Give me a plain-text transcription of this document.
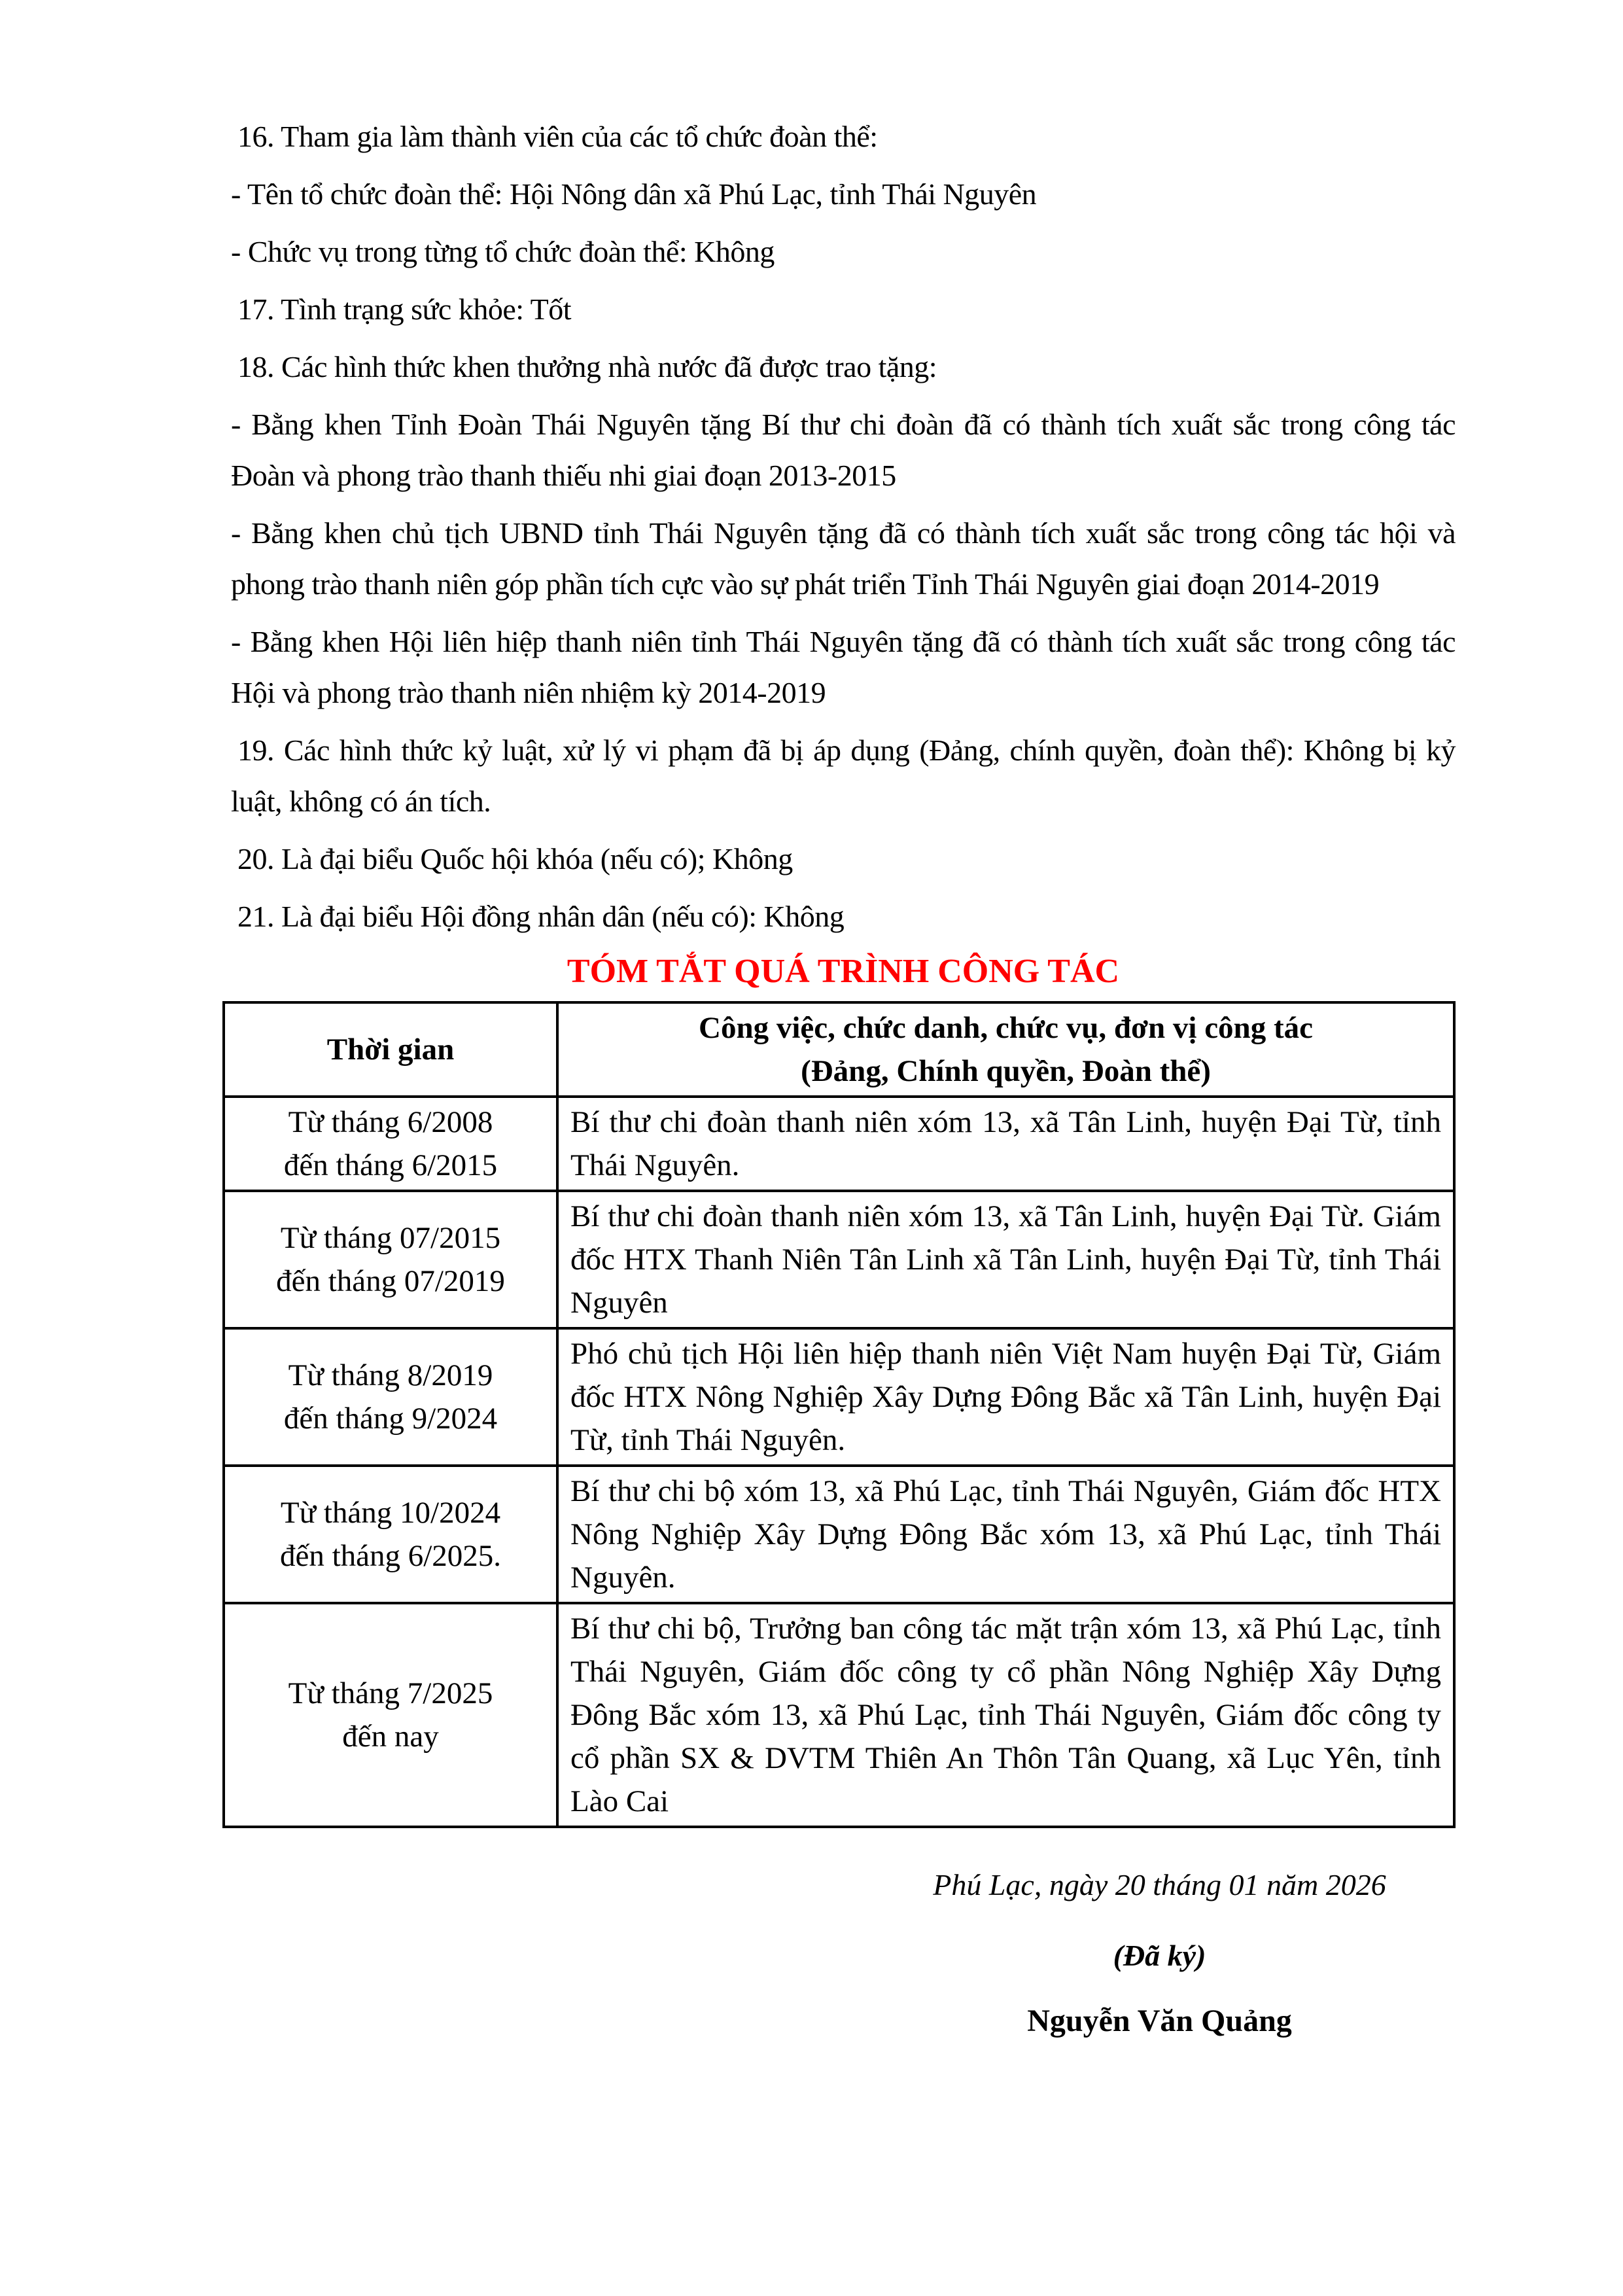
16. Tham gia làm thành viên của các tổ chức đoàn thể:

- Tên tổ chức đoàn thể: Hội Nông dân xã Phú Lạc, tỉnh Thái Nguyên

- Chức vụ trong từng tổ chức đoàn thể: Không

17. Tình trạng sức khỏe: Tốt

18. Các hình thức khen thưởng nhà nước đã được trao tặng:

- Bằng khen Tỉnh Đoàn Thái Nguyên tặng Bí thư chi đoàn đã có thành tích xuất sắc trong công tác Đoàn và phong trào thanh thiếu nhi giai đoạn 2013-2015

- Bằng khen chủ tịch UBND tỉnh Thái Nguyên tặng đã có thành tích xuất sắc trong công tác hội và phong trào thanh niên góp phần tích cực vào sự phát triển Tỉnh Thái Nguyên giai đoạn 2014-2019

- Bằng khen Hội liên hiệp thanh niên tỉnh Thái Nguyên tặng đã có thành tích xuất sắc trong công tác Hội và phong trào thanh niên nhiệm kỳ 2014-2019

19. Các hình thức kỷ luật, xử lý vi phạm đã bị áp dụng (Đảng, chính quyền, đoàn thể): Không bị kỷ luật, không có án tích.

20. Là đại biểu Quốc hội khóa (nếu có); Không

21. Là đại biểu Hội đồng nhân dân (nếu có): Không

TÓM TẮT QUÁ TRÌNH CÔNG TÁC
Thời gian	Công việc, chức danh, chức vụ, đơn vị công tác
(Đảng, Chính quyền, Đoàn thể)

Từ tháng 6/2008
đến tháng 6/2015	Bí thư chi đoàn thanh niên xóm 13, xã Tân Linh, huyện Đại Từ, tỉnh Thái Nguyên.

Từ tháng 07/2015
đến tháng 07/2019	Bí thư chi đoàn thanh niên xóm 13, xã Tân Linh, huyện Đại Từ. Giám đốc HTX Thanh Niên Tân Linh xã Tân Linh, huyện Đại Từ, tỉnh Thái Nguyên

Từ tháng 8/2019
đến tháng 9/2024	Phó chủ tịch Hội liên hiệp thanh niên Việt Nam huyện Đại Từ, Giám đốc HTX Nông Nghiệp Xây Dựng Đông Bắc xã Tân Linh, huyện Đại Từ, tỉnh Thái Nguyên.

Từ tháng 10/2024
đến tháng 6/2025.	Bí thư chi bộ xóm 13, xã Phú Lạc, tỉnh Thái Nguyên, Giám đốc HTX Nông Nghiệp Xây Dựng Đông Bắc xóm 13, xã Phú Lạc, tỉnh Thái Nguyên.

Từ tháng 7/2025
đến nay	Bí thư chi bộ, Trưởng ban công tác mặt trận xóm 13, xã Phú Lạc, tỉnh Thái Nguyên, Giám đốc công ty cổ phần Nông Nghiệp Xây Dựng Đông Bắc xóm 13, xã Phú Lạc, tỉnh Thái Nguyên, Giám đốc công ty cổ phần SX & DVTM Thiên An Thôn Tân Quang, xã Lục Yên, tỉnh Lào Cai
Phú Lạc, ngày 20 tháng 01 năm 2026
(Đã ký)
Nguyễn Văn Quảng
